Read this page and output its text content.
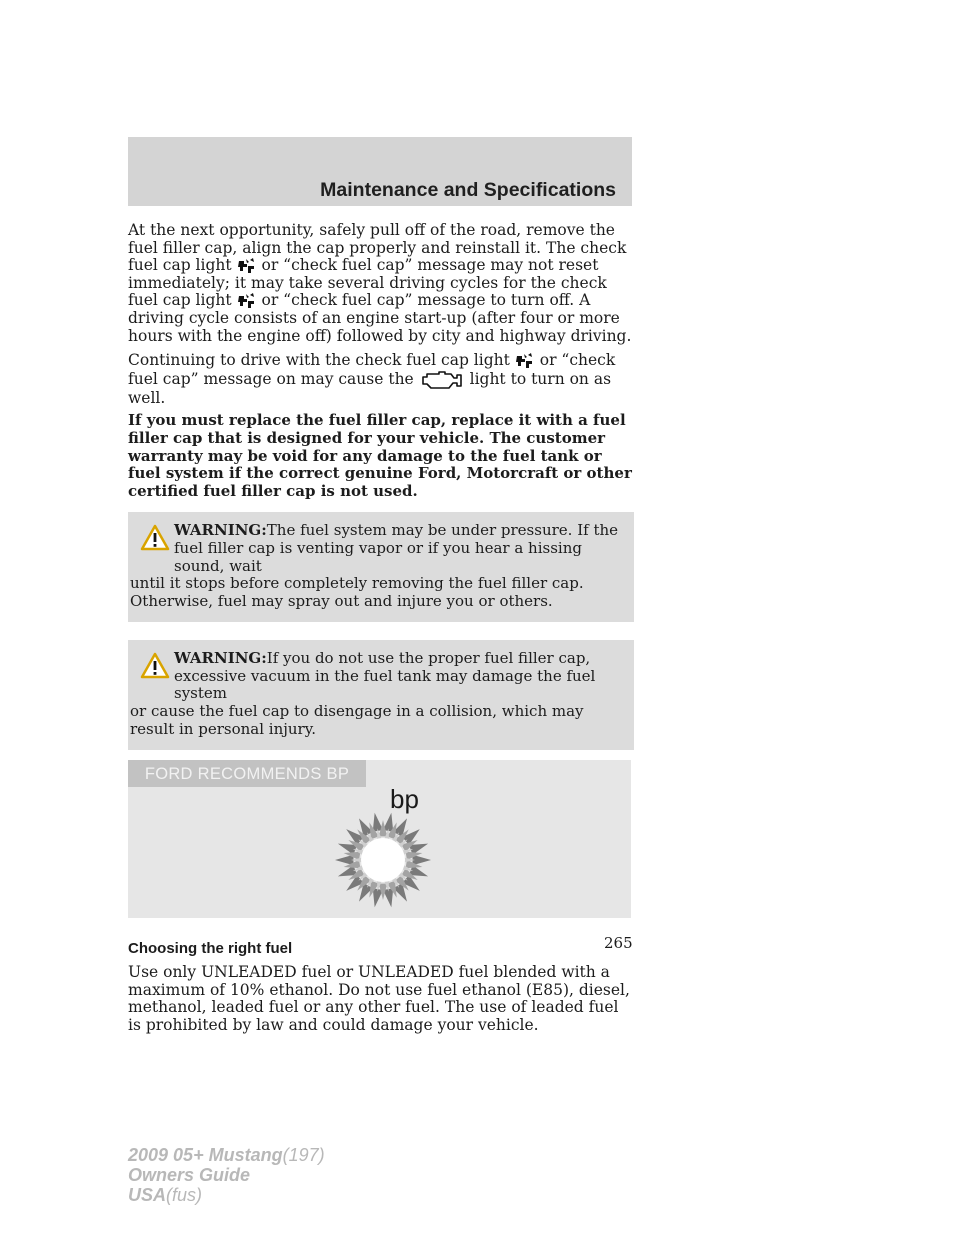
Maintenance and Specifications

At the next opportunity, safely pull off of the road, remove the fuel filler cap, align the cap properly and reinstall it. The check fuel cap light or “check fuel cap” message may not reset immediately; it may take several driving cycles for the check fuel cap light or “check fuel cap” message to turn off. A driving cycle consists of an engine start-up (after four or more hours with the engine off) followed by city and highway driving.

Continuing to drive with the check fuel cap light or “check fuel cap” message on may cause the	light to turn on as well.

If you must replace the fuel filler cap, replace it with a fuel filler cap that is designed for your vehicle. The customer warranty may be void for any damage to the fuel tank or fuel system if the correct genuine Ford, Motorcraft or other certified fuel filler cap is not used.

WARNING:The fuel system may be under pressure. If the fuel filler cap is venting vapor or if you hear a hissing sound, wait
until it stops before completely removing the fuel filler cap. Otherwise, fuel may spray out and injure you or others.

WARNING:If you do not use the proper fuel filler cap, excessive vacuum in the fuel tank may damage the fuel system
or cause the fuel cap to disengage in a collision, which may result in personal injury.

FORD RECOMMENDS BP
bp
Choosing the right fuel

Use only UNLEADED fuel or UNLEADED fuel blended with a maximum of 10% ethanol. Do not use fuel ethanol (E85), diesel, methanol, leaded fuel or any other fuel. The use of leaded fuel is prohibited by law and could damage your vehicle.

265
2009 05+ Mustang(197)
Owners Guide
USA(fus)
